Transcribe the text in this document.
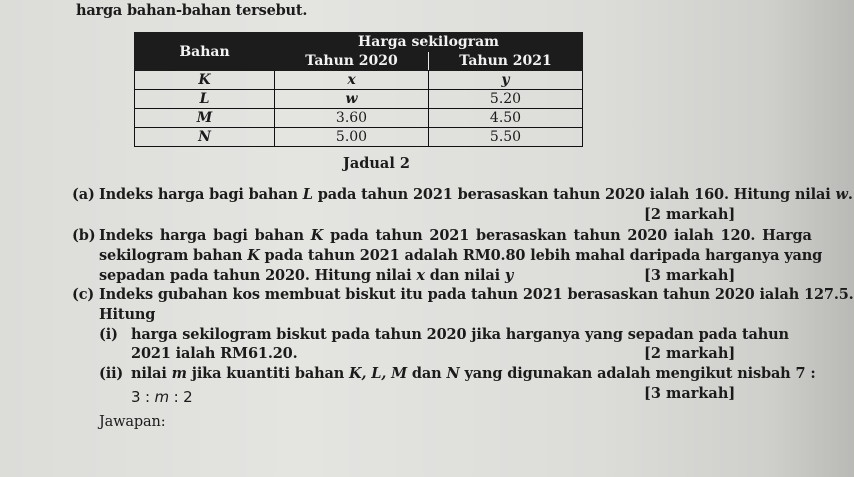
harga bahan-bahan tersebut.
Bahan	Harga sekilogram	
	Tahun 2020	Tahun 2021
K	x	y
L	w	5.20
M	3.60	4.50
N	5.00	5.50
Jadual 2
(a) Indeks harga bagi bahan L pada tahun 2021 berasaskan tahun 2020 ialah 160. Hitung nilai w.
[2 markah]
(b) Indeks harga bagi bahan K pada tahun 2021 berasaskan tahun 2020 ialah 120. Harga
sekilogram bahan K pada tahun 2021 adalah RM0.80 lebih mahal daripada harganya yang
sepadan pada tahun 2020. Hitung nilai x dan nilai y	[3 markah]
(c) Indeks gubahan kos membuat biskut itu pada tahun 2021 berasaskan tahun 2020 ialah 127.5.
Hitung
(i) harga sekilogram biskut pada tahun 2020 jika harganya yang sepadan pada tahun
2021 ialah RM61.20.	[2 markah]
(ii) nilai m jika kuantiti bahan K, L, M dan N yang digunakan adalah mengikut nisbah 7 :
3 : m : 2	[3 markah]
Jawapan:
